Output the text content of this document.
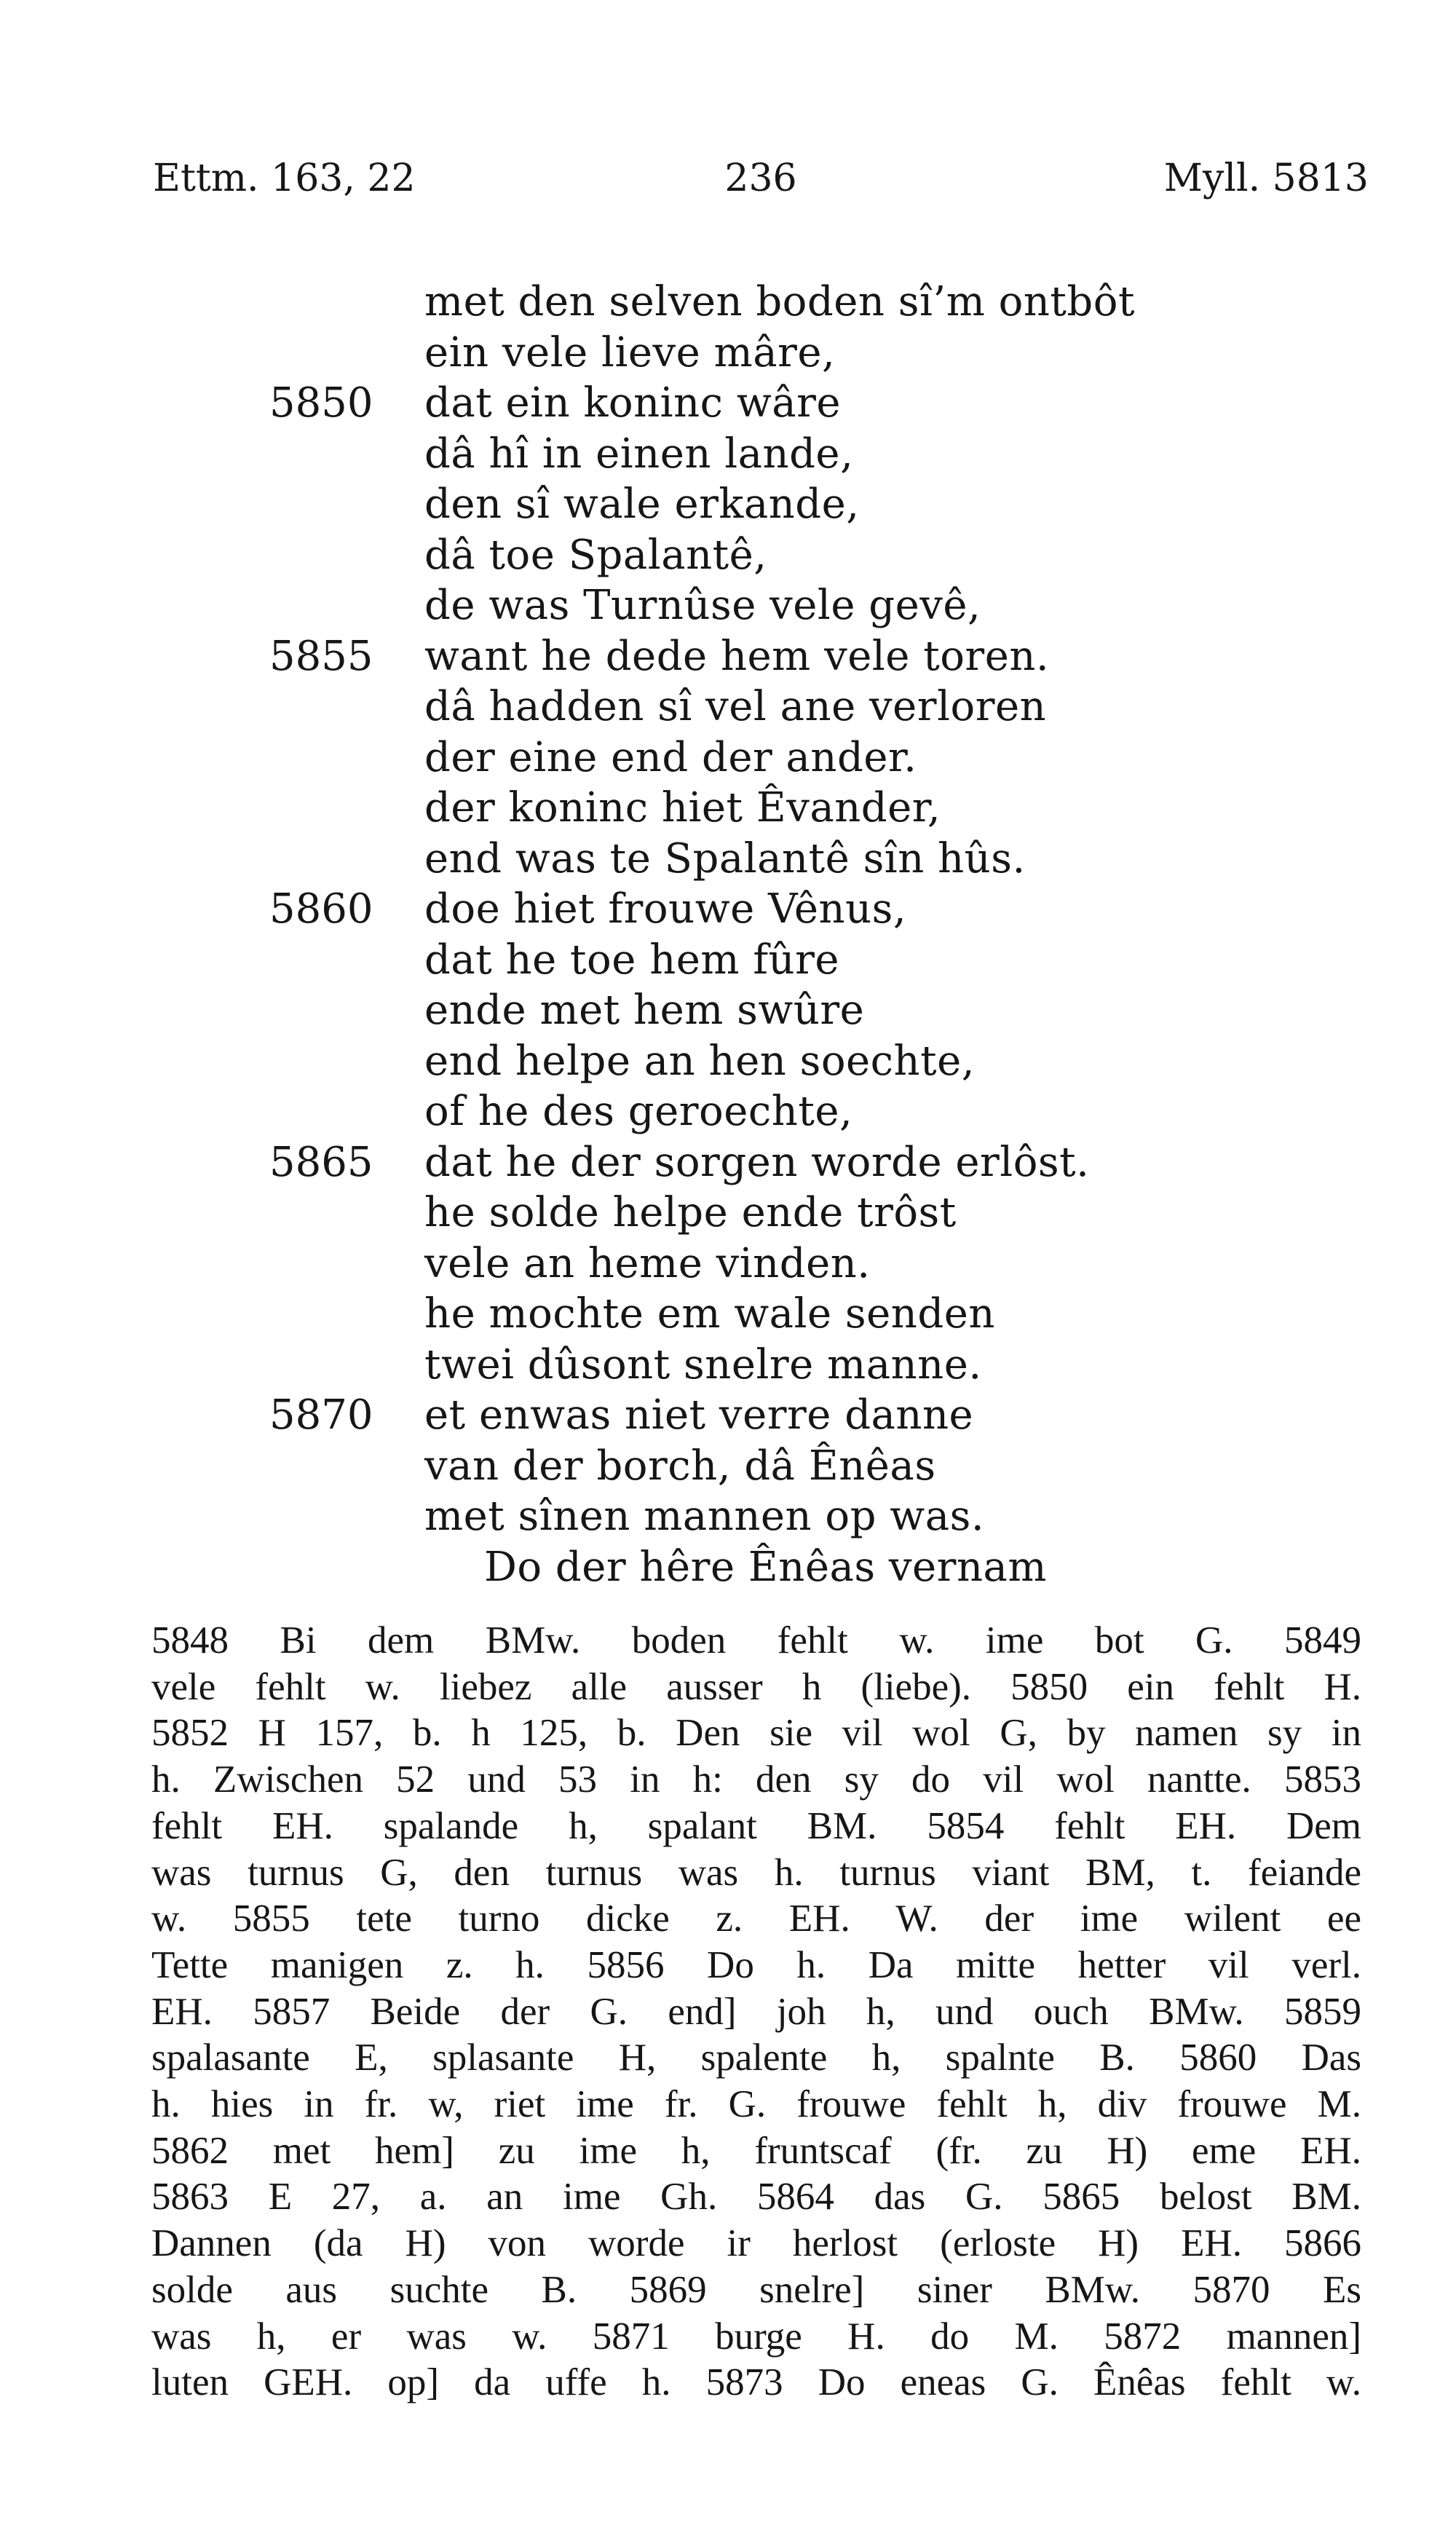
Ettm. 163, 22	236	Myll. 5813
met den selven boden sî’m ontbôt
ein vele lieve mâre,
5850 dat ein koninc wâre
dâ hî in einen lande,
den sî wale erkande,
dâ toe Spalantê,
de was Turnûse vele gevê,
5855 want he dede hem vele toren.
dâ hadden sî vel ane verloren
der eine end der ander.
der koninc hiet Êvander,
end was te Spalantê sîn hûs.
5860 doe hiet frouwe Vênus,
dat he toe hem fûre
ende met hem swûre
end helpe an hen soechte,
of he des geroechte,
5865 dat he der sorgen worde erlôst.
he solde helpe ende trôst
vele an heme vinden.
he mochte em wale senden
twei dûsont snelre manne.
5870 et enwas niet verre danne
van der borch, dâ Ênêas
met sînen mannen op was.
Do der hêre Ênêas vernam
5848 Bi dem BMw. boden fehlt w. ime bot G. 5849
vele fehlt w. liebez alle ausser h (liebe). 5850 ein fehlt H.
5852 H 157, b. h 125, b. Den sie vil wol G, by namen sy in
h. Zwischen 52 und 53 in h: den sy do vil wol nantte. 5853
fehlt EH. spalande h, spalant BM. 5854 fehlt EH. Dem
was turnus G, den turnus was h. turnus viant BM, t. feiande
w. 5855 tete turno dicke z. EH. W. der ime wilent ee
Tette manigen z. h. 5856 Do h. Da mitte hetter vil verl.
EH. 5857 Beide der G. end] joh h, und ouch BMw. 5859
spalasante E, splasante H, spalente h, spalnte B. 5860 Das
h. hies in fr. w, riet ime fr. G. frouwe fehlt h, div frouwe M.
5862 met hem] zu ime h, fruntscaf (fr. zu H) eme EH.
5863 E 27, a. an ime Gh. 5864 das G. 5865 belost BM.
Dannen (da H) von worde ir herlost (erloste H) EH. 5866
solde aus suchte B. 5869 snelre] siner BMw. 5870 Es
was h, er was w. 5871 burge H. do M. 5872 mannen]
luten GEH. op] da uffe h. 5873 Do eneas G. Ênêas fehlt w.
